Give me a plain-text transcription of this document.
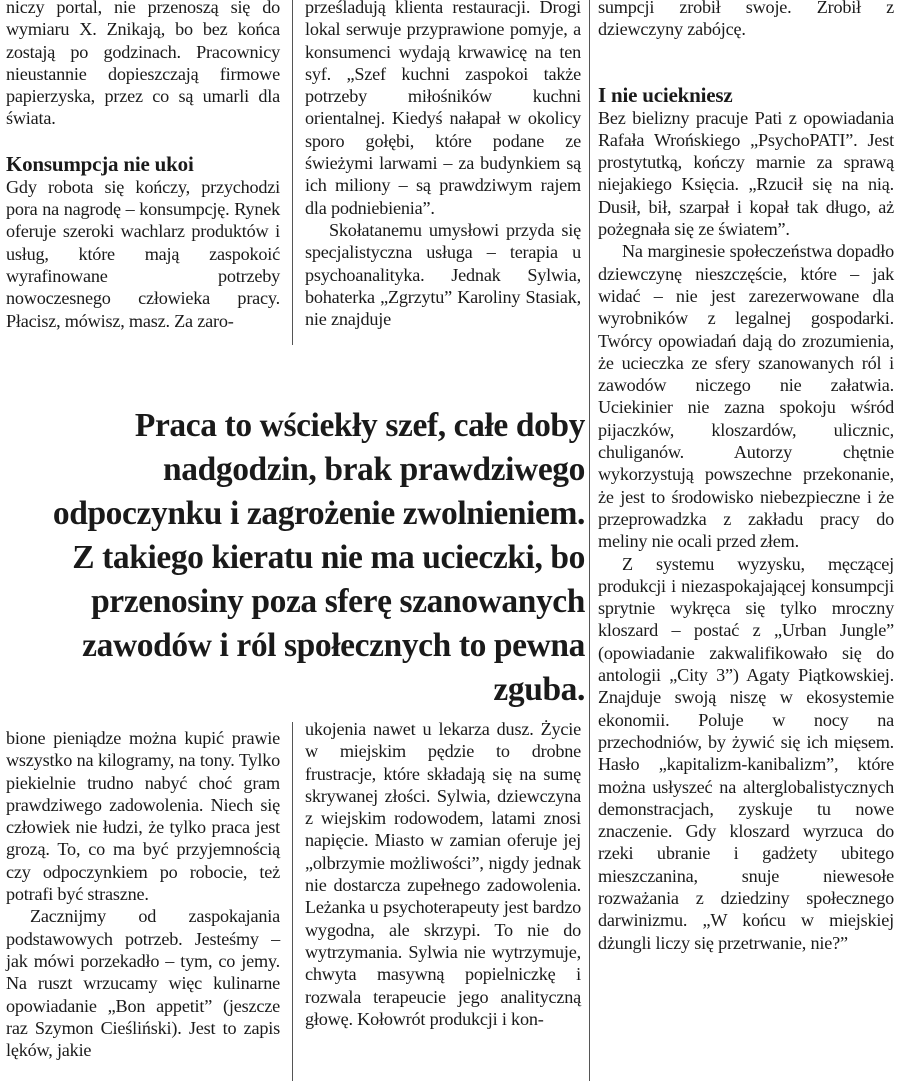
niczy portal, nie przenoszą się do wymiaru X. Znikają, bo bez końca zostają po godzinach. Pracownicy nieustannie dopieszczają firmowe papierzyska, przez co są umarli dla świata.

Konsumpcja nie ukoi

Gdy robota się kończy, przychodzi pora na nagrodę – konsumpcję. Rynek oferuje szeroki wachlarz produktów i usług, które mają zaspokoić wyrafinowane potrzeby nowoczesnego człowieka pracy. Płacisz, mówisz, masz. Za zaro-

prześladują klienta restauracji. Drogi lokal serwuje przyprawione pomyje, a konsumenci wydają krwawicę na ten syf. „Szef kuchni zaspokoi także potrzeby miłośników kuchni orientalnej. Kiedyś nałapał w okolicy sporo gołębi, które podane ze świeżymi larwami – za budynkiem są ich miliony – są prawdziwym rajem dla podniebienia”.

Skołatanemu umysłowi przyda się specjalistyczna usługa – terapia u psychoanalityka. Jednak Sylwia, bohaterka „Zgrzytu” Karoliny Stasiak, nie znajduje

sumpcji zrobił swoje. Zrobił z dziewczyny zabójcę.

I nie uciekniesz

Bez bielizny pracuje Pati z opowiadania Rafała Wrońskiego „PsychoPATI”. Jest prostytutką, kończy marnie za sprawą niejakiego Księcia. „Rzucił się na nią. Dusił, bił, szarpał i kopał tak długo, aż pożegnała się ze światem”.

Na marginesie społeczeństwa dopadło dziewczynę nieszczęście, które – jak widać – nie jest zarezerwowane dla wyrobników z legalnej gospodarki. Twórcy opowiadań dają do zrozumienia, że ucieczka ze sfery szanowanych ról i zawodów niczego nie załatwia. Uciekinier nie zazna spokoju wśród pijaczków, kloszardów, ulicznic, chuliganów. Autorzy chętnie wykorzystują powszechne przekonanie, że jest to środowisko niebezpieczne i że przeprowadzka z zakładu pracy do meliny nie ocali przed złem.

Z systemu wyzysku, męczącej produkcji i niezaspokajającej konsumpcji sprytnie wykręca się tylko mroczny kloszard – postać z „Urban Jungle” (opowiadanie zakwalifikowało się do antologii „City 3”) Agaty Piątkowskiej. Znajduje swoją niszę w ekosystemie ekonomii. Poluje w nocy na przechodniów, by żywić się ich mięsem. Hasło „kapitalizm-kanibalizm”, które można usłyszeć na alterglobalistycznych demonstracjach, zyskuje tu nowe znaczenie. Gdy kloszard wyrzuca do rzeki ubranie i gadżety ubitego mieszczanina, snuje niewesołe rozważania z dziedziny społecznego darwinizmu. „W końcu w miejskiej dżungli liczy się przetrwanie, nie?”

Praca to wściekły szef, całe doby nadgodzin, brak prawdziwego odpoczynku i zagrożenie zwolnieniem. Z takiego kieratu nie ma ucieczki, bo przenosiny poza sferę szanowanych zawodów i ról społecznych to pewna zguba.

bione pieniądze można kupić prawie wszystko na kilogramy, na tony. Tylko piekielnie trudno nabyć choć gram prawdziwego zadowolenia. Niech się człowiek nie łudzi, że tylko praca jest grozą. To, co ma być przyjemnością czy odpoczynkiem po robocie, też potrafi być straszne.

Zacznijmy od zaspokajania podstawowych potrzeb. Jesteśmy – jak mówi porzekadło – tym, co jemy. Na ruszt wrzucamy więc kulinarne opowiadanie „Bon appetit” (jeszcze raz Szymon Cieśliński). Jest to zapis lęków, jakie

ukojenia nawet u lekarza dusz. Życie w miejskim pędzie to drobne frustracje, które składają się na sumę skrywanej złości. Sylwia, dziewczyna z wiejskim rodowodem, latami znosi napięcie. Miasto w zamian oferuje jej „olbrzymie możliwości”, nigdy jednak nie dostarcza zupełnego zadowolenia. Leżanka u psychoterapeuty jest bardzo wygodna, ale skrzypi. To nie do wytrzymania. Sylwia nie wytrzymuje, chwyta masywną popielniczkę i rozwala terapeucie jego analityczną głowę. Kołowrót produkcji i kon-
